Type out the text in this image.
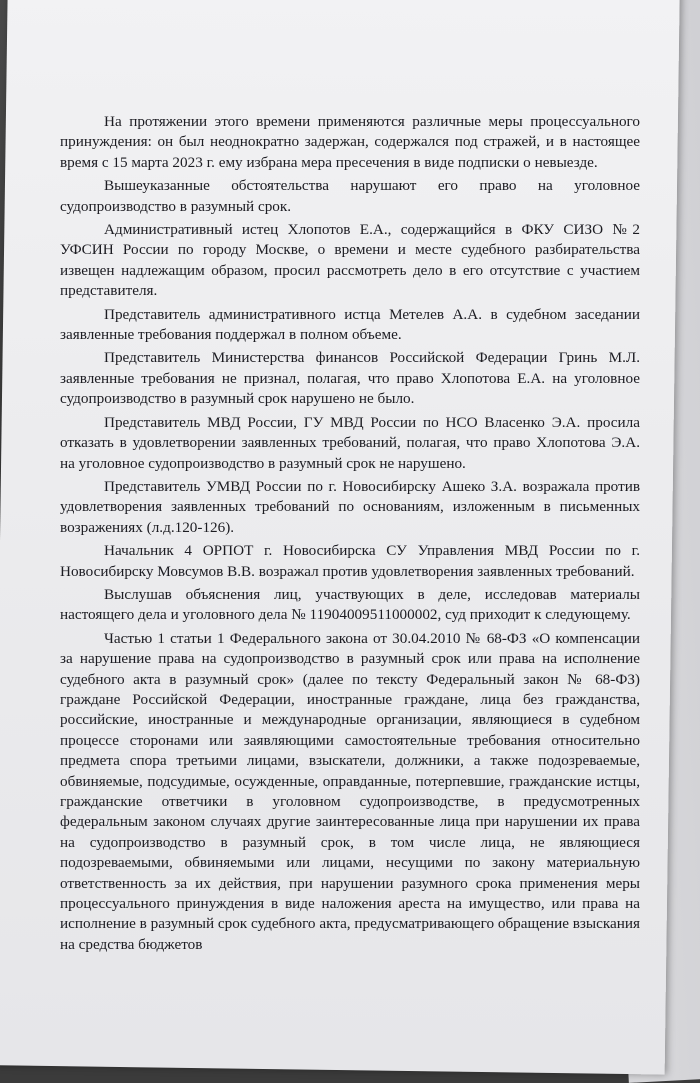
На протяжении этого времени применяются различные меры процессуального принуждения: он был неоднократно задержан, содержался под стражей, и в настоящее время с 15 марта 2023 г. ему избрана мера пресечения в виде подписки о невыезде.

Вышеуказанные обстоятельства нарушают его право на уголовное судопроизводство в разумный срок.

Административный истец Хлопотов Е.А., содержащийся в ФКУ СИЗО №2 УФСИН России по городу Москве, о времени и месте судебного разбирательства извещен надлежащим образом, просил рассмотреть дело в его отсутствие с участием представителя.

Представитель административного истца Метелев А.А. в судебном заседании заявленные требования поддержал в полном объеме.

Представитель Министерства финансов Российской Федерации Гринь М.Л. заявленные требования не признал, полагая, что право Хлопотова Е.А. на уголовное судопроизводство в разумный срок нарушено не было.

Представитель МВД России, ГУ МВД России по НСО Власенко Э.А. просила отказать в удовлетворении заявленных требований, полагая, что право Хлопотова Э.А. на уголовное судопроизводство в разумный срок не нарушено.

Представитель УМВД России по г. Новосибирску Ашеко З.А. возражала против удовлетворения заявленных требований по основаниям, изложенным в письменных возражениях (л.д.120-126).

Начальник 4 ОРПОТ г. Новосибирска СУ Управления МВД России по г. Новосибирску Мовсумов В.В. возражал против удовлетворения заявленных требований.

Выслушав объяснения лиц, участвующих в деле, исследовав материалы настоящего дела и уголовного дела № 11904009511000002, суд приходит к следующему.

Частью 1 статьи 1 Федерального закона от 30.04.2010 № 68-ФЗ «О компенсации за нарушение права на судопроизводство в разумный срок или права на исполнение судебного акта в разумный срок» (далее по тексту Федеральный закон № 68-ФЗ) граждане Российской Федерации, иностранные граждане, лица без гражданства, российские, иностранные и международные организации, являющиеся в судебном процессе сторонами или заявляющими самостоятельные требования относительно предмета спора третьими лицами, взыскатели, должники, а также подозреваемые, обвиняемые, подсудимые, осужденные, оправданные, потерпевшие, гражданские истцы, гражданские ответчики в уголовном судопроизводстве, в предусмотренных федеральным законом случаях другие заинтересованные лица при нарушении их права на судопроизводство в разумный срок, в том числе лица, не являющиеся подозреваемыми, обвиняемыми или лицами, несущими по закону материальную ответственность за их действия, при нарушении разумного срока применения меры процессуального принуждения в виде наложения ареста на имущество, или права на исполнение в разумный срок судебного акта, предусматривающего обращение взыскания на средства бюджетов
